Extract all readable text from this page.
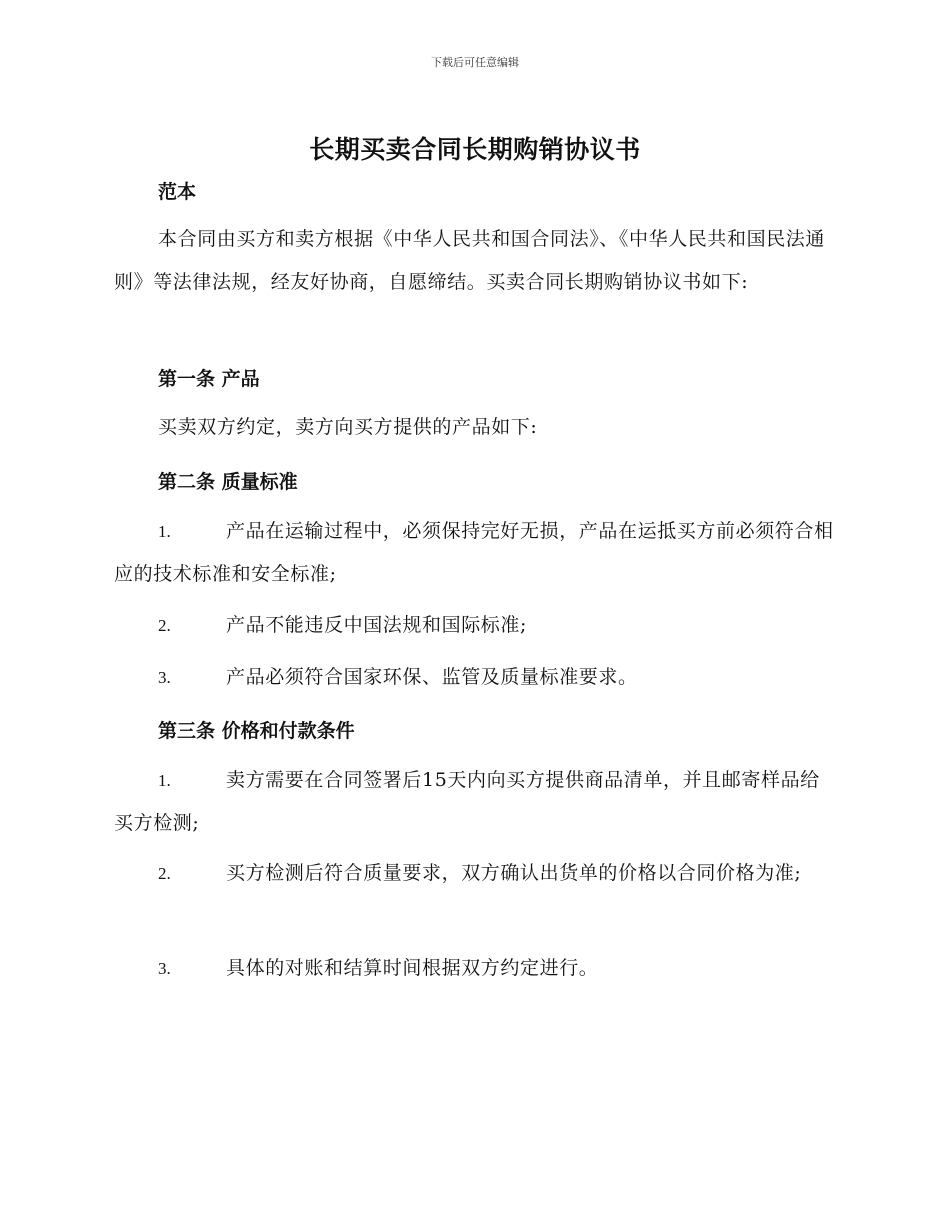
下载后可任意编辑
长期买卖合同长期购销协议书
范本
本合同由买方和卖方根据《中华人民共和国合同法》、《中华人民共和国民法通则》等法律法规，经友好协商，自愿缔结。买卖合同长期购销协议书如下:
第一条 产品
买卖双方约定，卖方向买方提供的产品如下:
第二条 质量标准
1.	产品在运输过程中，必须保持完好无损，产品在运抵买方前必须符合相应的技术标准和安全标准;
2.	产品不能违反中国法规和国际标准;
3.	产品必须符合国家环保、监管及质量标准要求。
第三条 价格和付款条件
1.	卖方需要在合同签署后15天内向买方提供商品清单，并且邮寄样品给买方检测;
2.	买方检测后符合质量要求，双方确认出货单的价格以合同价格为准;
3.	具体的对账和结算时间根据双方约定进行。
